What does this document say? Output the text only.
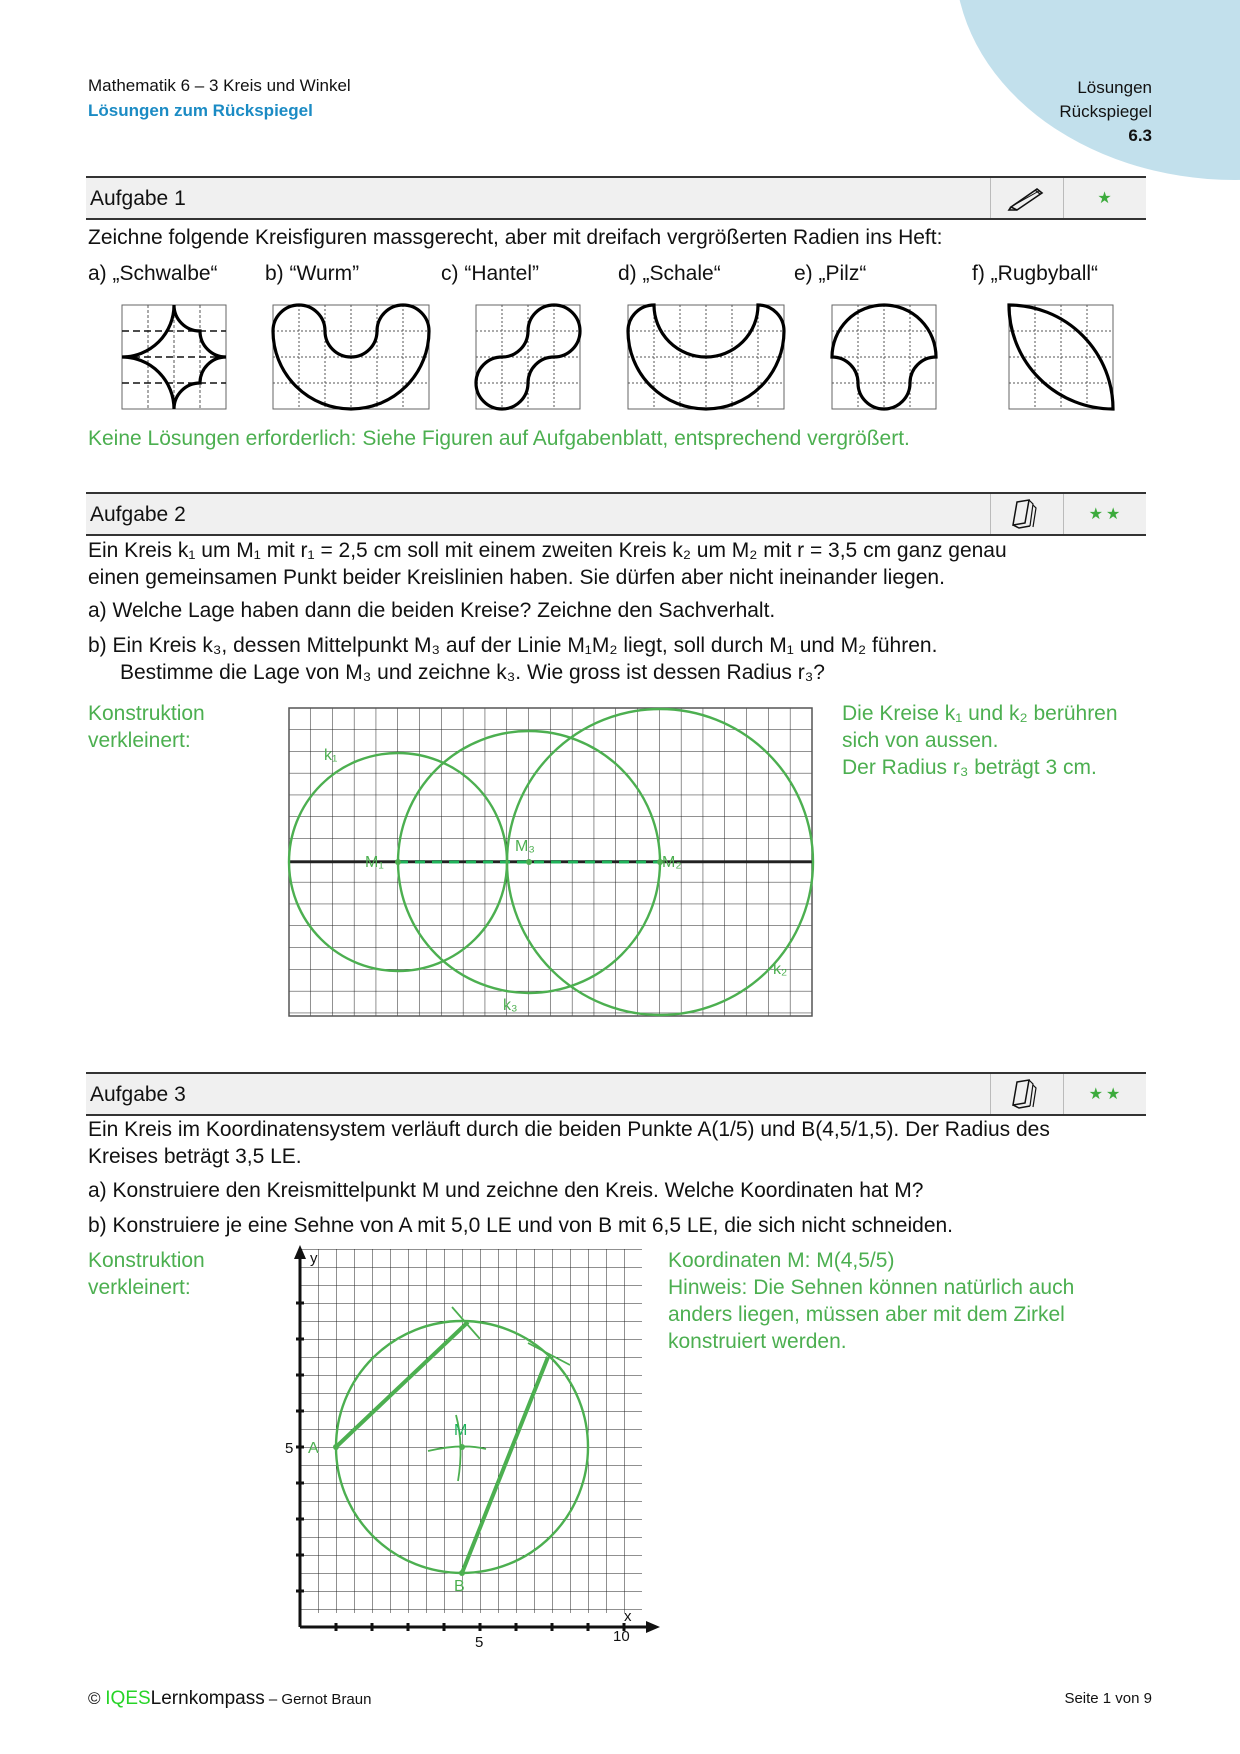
Mathematik 6 – 3 Kreis und Winkel
Lösungen zum Rückspiegel
Lösungen
Rückspiegel
6.3
Aufgabe 1	★
Zeichne folgende Kreisfiguren massgerecht, aber mit dreifach vergrößerten Radien ins Heft:
a) „Schwalbe“ b) “Wurm”	c) “Hantel”	d) „Schale“	e) „Pilz“	f) „Rugbyball“
Keine Lösungen erforderlich: Siehe Figuren auf Aufgabenblatt, entsprechend vergrößert.
Aufgabe 2	★★
Ein Kreis k₁ um M₁ mit r₁ = 2,5 cm soll mit einem zweiten Kreis k₂ um M₂ mit r = 3,5 cm ganz genau
einen gemeinsamen Punkt beider Kreislinien haben. Sie dürfen aber nicht ineinander liegen.
a) Welche Lage haben dann die beiden Kreise? Zeichne den Sachverhalt.
b) Ein Kreis k₃, dessen Mittelpunkt M₃ auf der Linie M₁M₂ liegt, soll durch M₁ und M₂ führen.
Bestimme die Lage von M₃ und zeichne k₃. Wie gross ist dessen Radius r₃?
Konstruktion
verkleinert:
k₁
M₁
M₃
M₂
k₂
k₃
Die Kreise k₁ und k₂ berühren
sich von aussen.
Der Radius r₃ beträgt 3 cm.
Aufgabe 3	★★
Ein Kreis im Koordinatensystem verläuft durch die beiden Punkte A(1/5) und B(4,5/1,5). Der Radius des
Kreises beträgt 3,5 LE.
a) Konstruiere den Kreismittelpunkt M und zeichne den Kreis. Welche Koordinaten hat M?
b) Konstruiere je eine Sehne von A mit 5,0 LE und von B mit 6,5 LE, die sich nicht schneiden.
Konstruktion
verkleinert:
A
B
M
y
x
5	10
5
Koordinaten M: M(4,5/5)
Hinweis: Die Sehnen können natürlich auch
anders liegen, müssen aber mit dem Zirkel
konstruiert werden.
© IQESLernkompass – Gernot Braun	Seite 1 von 9
